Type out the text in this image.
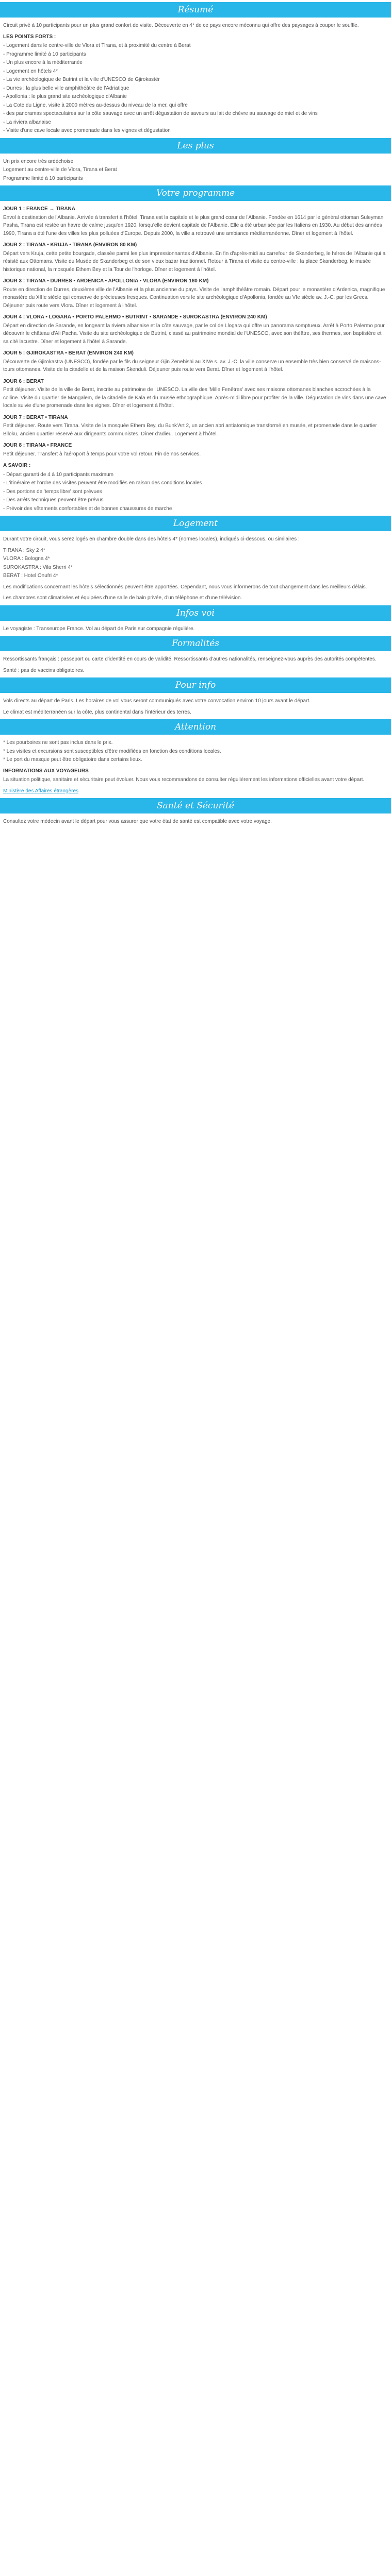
Résumé

Circuit privé à 10 participants pour un plus grand confort de visite. Découverte en 4* de ce pays encore méconnu qui offre des paysages à couper le souffle.

LES POINTS FORTS :

- Logement dans le centre-ville de Vlora et Tirana, et à proximité du centre à Berat
- Programme limité à 10 participants
- Un plus encore à la méditerranée
- Logement en hôtels 4*
- La vie archéologique de Butrint et la ville d'UNESCO de Gjirokastër
- Durres : la plus belle ville amphithéâtre de l'Adriatique
- Apollonia : le plus grand site archéologique d'Albanie
- La Cote du Ligne, visite à 2000 mètres au-dessus du niveau de la mer, qui offre
- des panoramas spectaculaires sur la côte sauvage avec un arrêt dégustation de saveurs au lait de chèvre au sauvage de miel et de vins
- La riviera albanaise
- Visite d'une cave locale avec promenade dans les vignes et dégustation
Les plus
Un prix encore très ardéchoise
Logement au centre-ville de Vlora, Tirana et Berat
Programme limité à 10 participants
Votre programme

JOUR 1 : FRANCE → TIRANA

Envol à destination de l'Albanie. Arrivée à transfert à l'hôtel. Tirana est la capitale et le plus grand cœur de l'Albanie. Fondée en 1614 par le général ottoman Suleyman Pasha, Tirana est restée un havre de calme jusqu'en 1920, lorsqu'elle devient capitale de l'Albanie. Elle a été urbanisée par les Italiens en 1930. Au début des années 1990, Tirana a été l'une des villes les plus polluées d'Europe. Depuis 2000, la ville a retrouvé une ambiance méditerranéenne. Dîner et logement à l'hôtel.

JOUR 2 : TIRANA • KRUJA • TIRANA (ENVIRON 80 KM)

Départ vers Kruja, cette petite bourgade, classée parmi les plus impressionnantes d'Albanie. En fin d'après-midi au carrefour de Skanderbeg, le héros de l'Albanie qui a résisté aux Ottomans. Visite du Musée de Skanderbeg et de son vieux bazar traditionnel. Retour à Tirana et visite du centre-ville : la place Skanderbeg, le musée historique national, la mosquée Ethem Bey et la Tour de l'horloge. Dîner et logement à l'hôtel.

JOUR 3 : TIRANA • DURRES • ARDENICA • APOLLONIA • VLORA (ENVIRON 180 KM)

Route en direction de Durres, deuxième ville de l'Albanie et la plus ancienne du pays. Visite de l'amphithéâtre romain. Départ pour le monastère d'Ardenica, magnifique monastère du XIIIe siècle qui conserve de précieuses fresques. Continuation vers le site archéologique d'Apollonia, fondée au VIe siècle av. J.-C. par les Grecs. Déjeuner puis route vers Vlora. Dîner et logement à l'hôtel.

JOUR 4 : VLORA • LOGARA • PORTO PALERMO • BUTRINT • SARANDE • SUROKASTRA (ENVIRON 240 KM)

Départ en direction de Sarande, en longeant la riviera albanaise et la côte sauvage, par le col de Llogara qui offre un panorama somptueux. Arrêt à Porto Palermo pour découvrir le château d'Ali Pacha. Visite du site archéologique de Butrint, classé au patrimoine mondial de l'UNESCO, avec son théâtre, ses thermes, son baptistère et sa cité lacustre. Dîner et logement à l'hôtel à Sarande.

JOUR 5 : GJIROKASTRA • BERAT (ENVIRON 240 KM)

Découverte de Gjirokastra (UNESCO), fondée par le fils du seigneur Gjin Zenebishi au XIVe s. av. J.-C. la ville conserve un ensemble très bien conservé de maisons-tours ottomanes. Visite de la citadelle et de la maison Skenduli. Déjeuner puis route vers Berat. Dîner et logement à l'hôtel.

JOUR 6 : BERAT

Petit déjeuner. Visite de la ville de Berat, inscrite au patrimoine de l'UNESCO. La ville des 'Mille Fenêtres' avec ses maisons ottomanes blanches accrochées à la colline. Visite du quartier de Mangalem, de la citadelle de Kala et du musée ethnographique. Après-midi libre pour profiter de la ville. Dégustation de vins dans une cave locale suivie d'une promenade dans les vignes. Dîner et logement à l'hôtel.

JOUR 7 : BERAT • TIRANA

Petit déjeuner. Route vers Tirana. Visite de la mosquée Ethem Bey, du Bunk'Art 2, un ancien abri antiatomique transformé en musée, et promenade dans le quartier Blloku, ancien quartier réservé aux dirigeants communistes. Dîner d'adieu. Logement à l'hôtel.

JOUR 8 : TIRANA • FRANCE

Petit déjeuner. Transfert à l'aéroport à temps pour votre vol retour. Fin de nos services.

A SAVOIR :

- Départ garanti de 4 à 10 participants maximum
- L'itinéraire et l'ordre des visites peuvent être modifiés en raison des conditions locales
- Des portions de 'temps libre' sont prévues
- Des arrêts techniques peuvent être prévus
- Prévoir des vêtements confortables et de bonnes chaussures de marche
Logement

Durant votre circuit, vous serez logés en chambre double dans des hôtels 4* (normes locales), indiqués ci-dessous, ou similaires :

TIRANA : Sky 2 4*
VLORA : Bologna 4*
SUROKASTRA : Vila Sherri 4*
BERAT : Hotel Onufri 4*

Les modifications concernant les hôtels sélectionnés peuvent être apportées. Cependant, nous vous informerons de tout changement dans les meilleurs délais.

Les chambres sont climatisées et équipées d'une salle de bain privée, d'un téléphone et d'une télévision.

Infos voi

Le voyagiste : Transeurope France. Vol au départ de Paris sur compagnie régulière.

Formalités

Ressortissants français : passeport ou carte d'identité en cours de validité. Ressortissants d'autres nationalités, renseignez-vous auprès des autorités compétentes.

Santé : pas de vaccins obligatoires.

Pour info

Vols directs au départ de Paris. Les horaires de vol vous seront communiqués avec votre convocation environ 10 jours avant le départ.

Le climat est méditerranéen sur la côte, plus continental dans l'intérieur des terres.

Attention
* Les pourboires ne sont pas inclus dans le prix.
* Les visites et excursions sont susceptibles d'être modifiées en fonction des conditions locales.
* Le port du masque peut être obligatoire dans certains lieux.

INFORMATIONS AUX VOYAGEURS

La situation politique, sanitaire et sécuritaire peut évoluer. Nous vous recommandons de consulter régulièrement les informations officielles avant votre départ.

Ministère des Affaires étrangères

Santé et Sécurité

Consultez votre médecin avant le départ pour vous assurer que votre état de santé est compatible avec votre voyage.
